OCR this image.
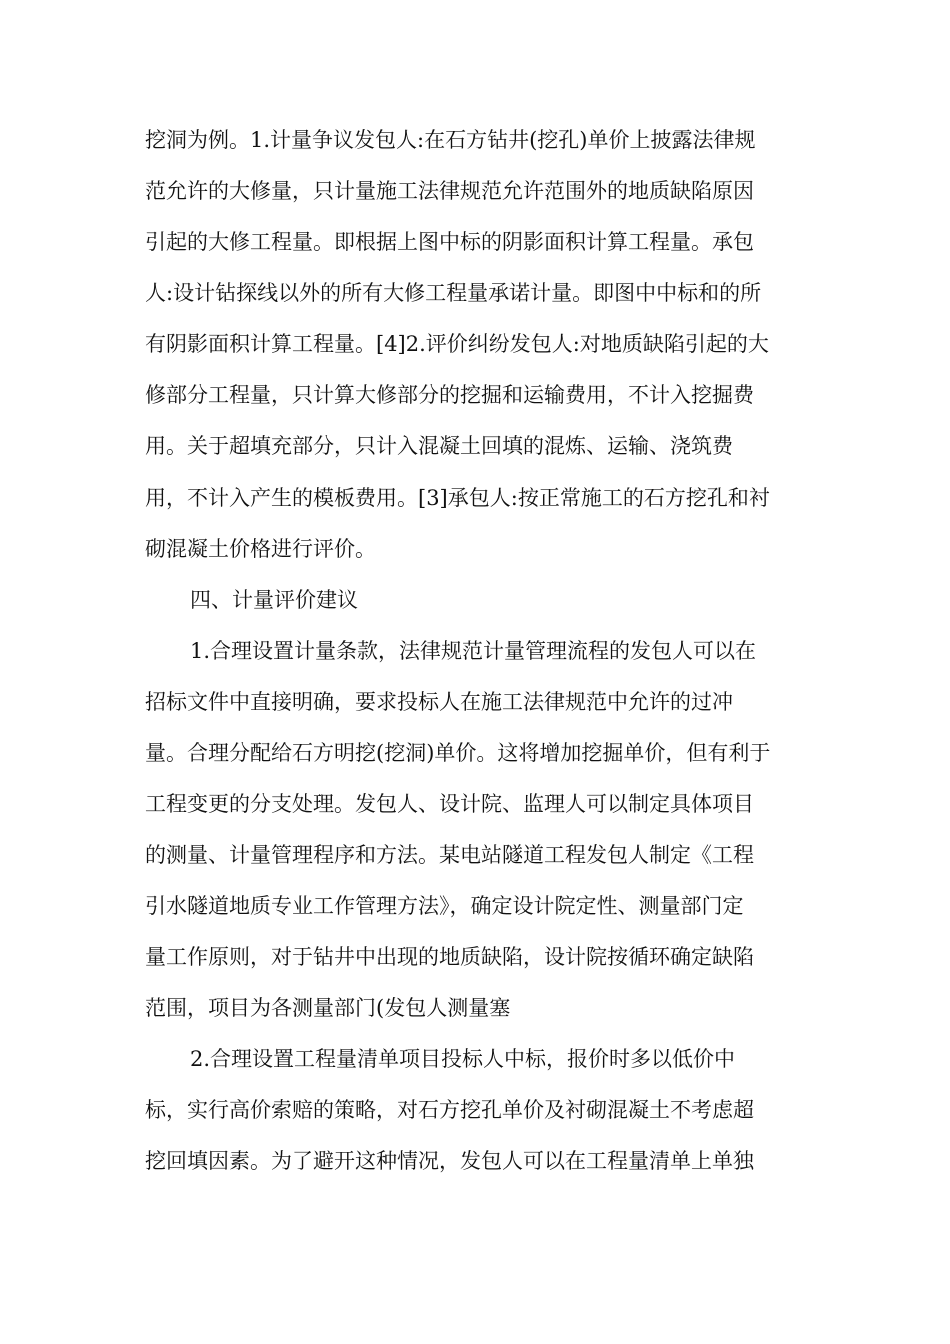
挖洞为例。1.计量争议发包人:在石方钻井(挖孔)单价上披露法律规
范允许的大修量，只计量施工法律规范允许范围外的地质缺陷原因
引起的大修工程量。即根据上图中标的阴影面积计算工程量。承包
人:设计钻探线以外的所有大修工程量承诺计量。即图中中标和的所
有阴影面积计算工程量。[4]2.评价纠纷发包人:对地质缺陷引起的大
修部分工程量，只计算大修部分的挖掘和运输费用，不计入挖掘费
用。关于超填充部分，只计入混凝土回填的混炼、运输、浇筑费
用，不计入产生的模板费用。[3]承包人:按正常施工的石方挖孔和衬
砌混凝土价格进行评价。
四、计量评价建议
1.合理设置计量条款，法律规范计量管理流程的发包人可以在
招标文件中直接明确，要求投标人在施工法律规范中允许的过冲
量。合理分配给石方明挖(挖洞)单价。这将增加挖掘单价，但有利于
工程变更的分支处理。发包人、设计院、监理人可以制定具体项目
的测量、计量管理程序和方法。某电站隧道工程发包人制定《工程
引水隧道地质专业工作管理方法》，确定设计院定性、测量部门定
量工作原则，对于钻井中出现的地质缺陷，设计院按循环确定缺陷
范围，项目为各测量部门(发包人测量塞
2.合理设置工程量清单项目投标人中标，报价时多以低价中
标，实行高价索赔的策略，对石方挖孔单价及衬砌混凝土不考虑超
挖回填因素。为了避开这种情况，发包人可以在工程量清单上单独
